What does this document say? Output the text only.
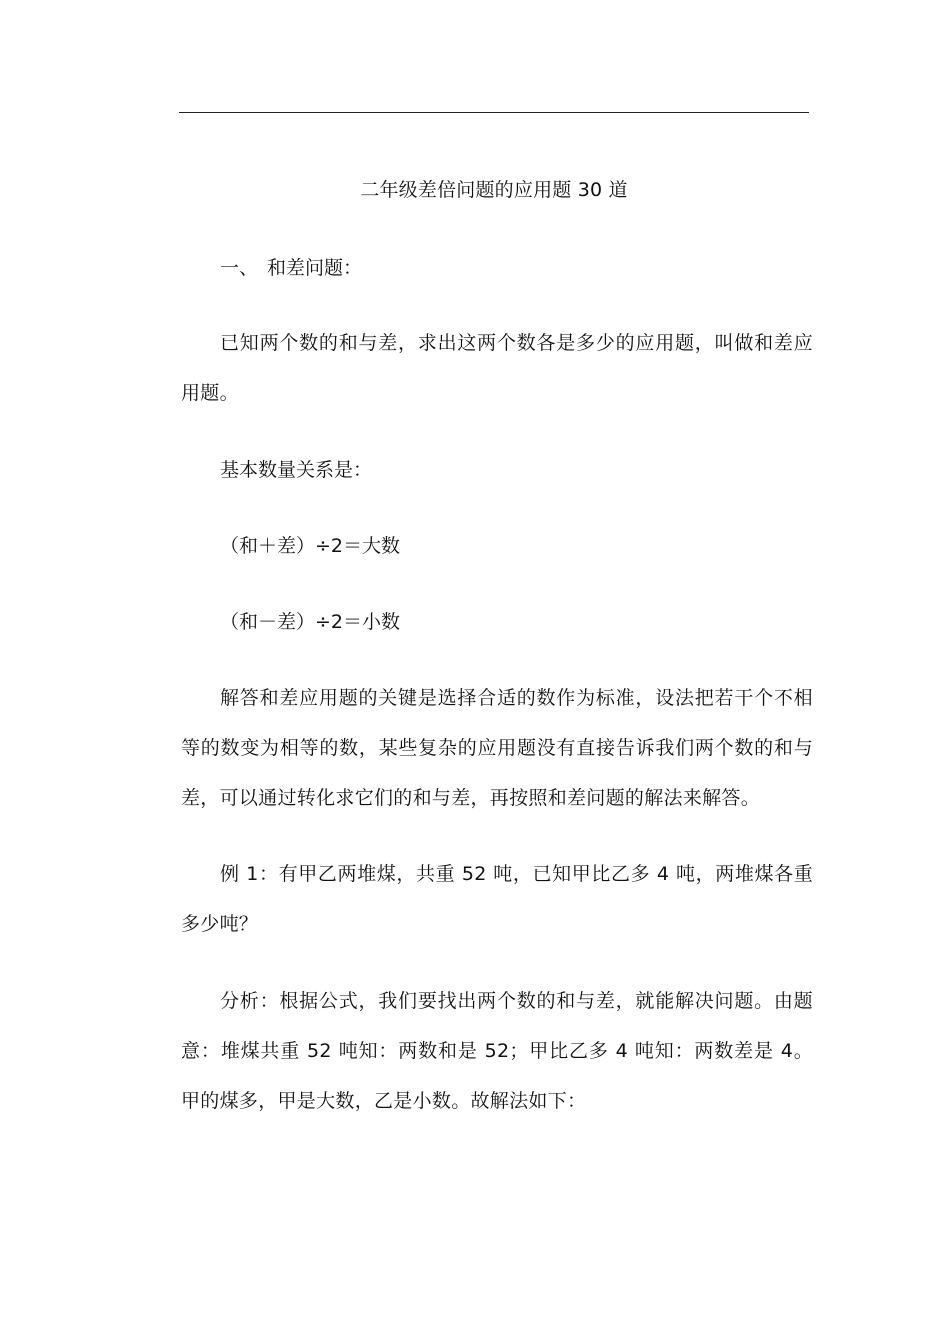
二年级差倍问题的应用题 30 道
一、 和差问题：
已知两个数的和与差，求出这两个数各是多少的应用题，叫做和差应用题。
基本数量关系是：
（和＋差）÷2＝大数
（和－差）÷2＝小数
解答和差应用题的关键是选择合适的数作为标准，设法把若干个不相等的数变为相等的数，某些复杂的应用题没有直接告诉我们两个数的和与差，可以通过转化求它们的和与差，再按照和差问题的解法来解答。
例 1：有甲乙两堆煤，共重 52 吨，已知甲比乙多 4 吨，两堆煤各重多少吨？
分析：根据公式，我们要找出两个数的和与差，就能解决问题。由题意：堆煤共重 52 吨知：两数和是 52；甲比乙多 4 吨知：两数差是 4。甲的煤多，甲是大数，乙是小数。故解法如下：
